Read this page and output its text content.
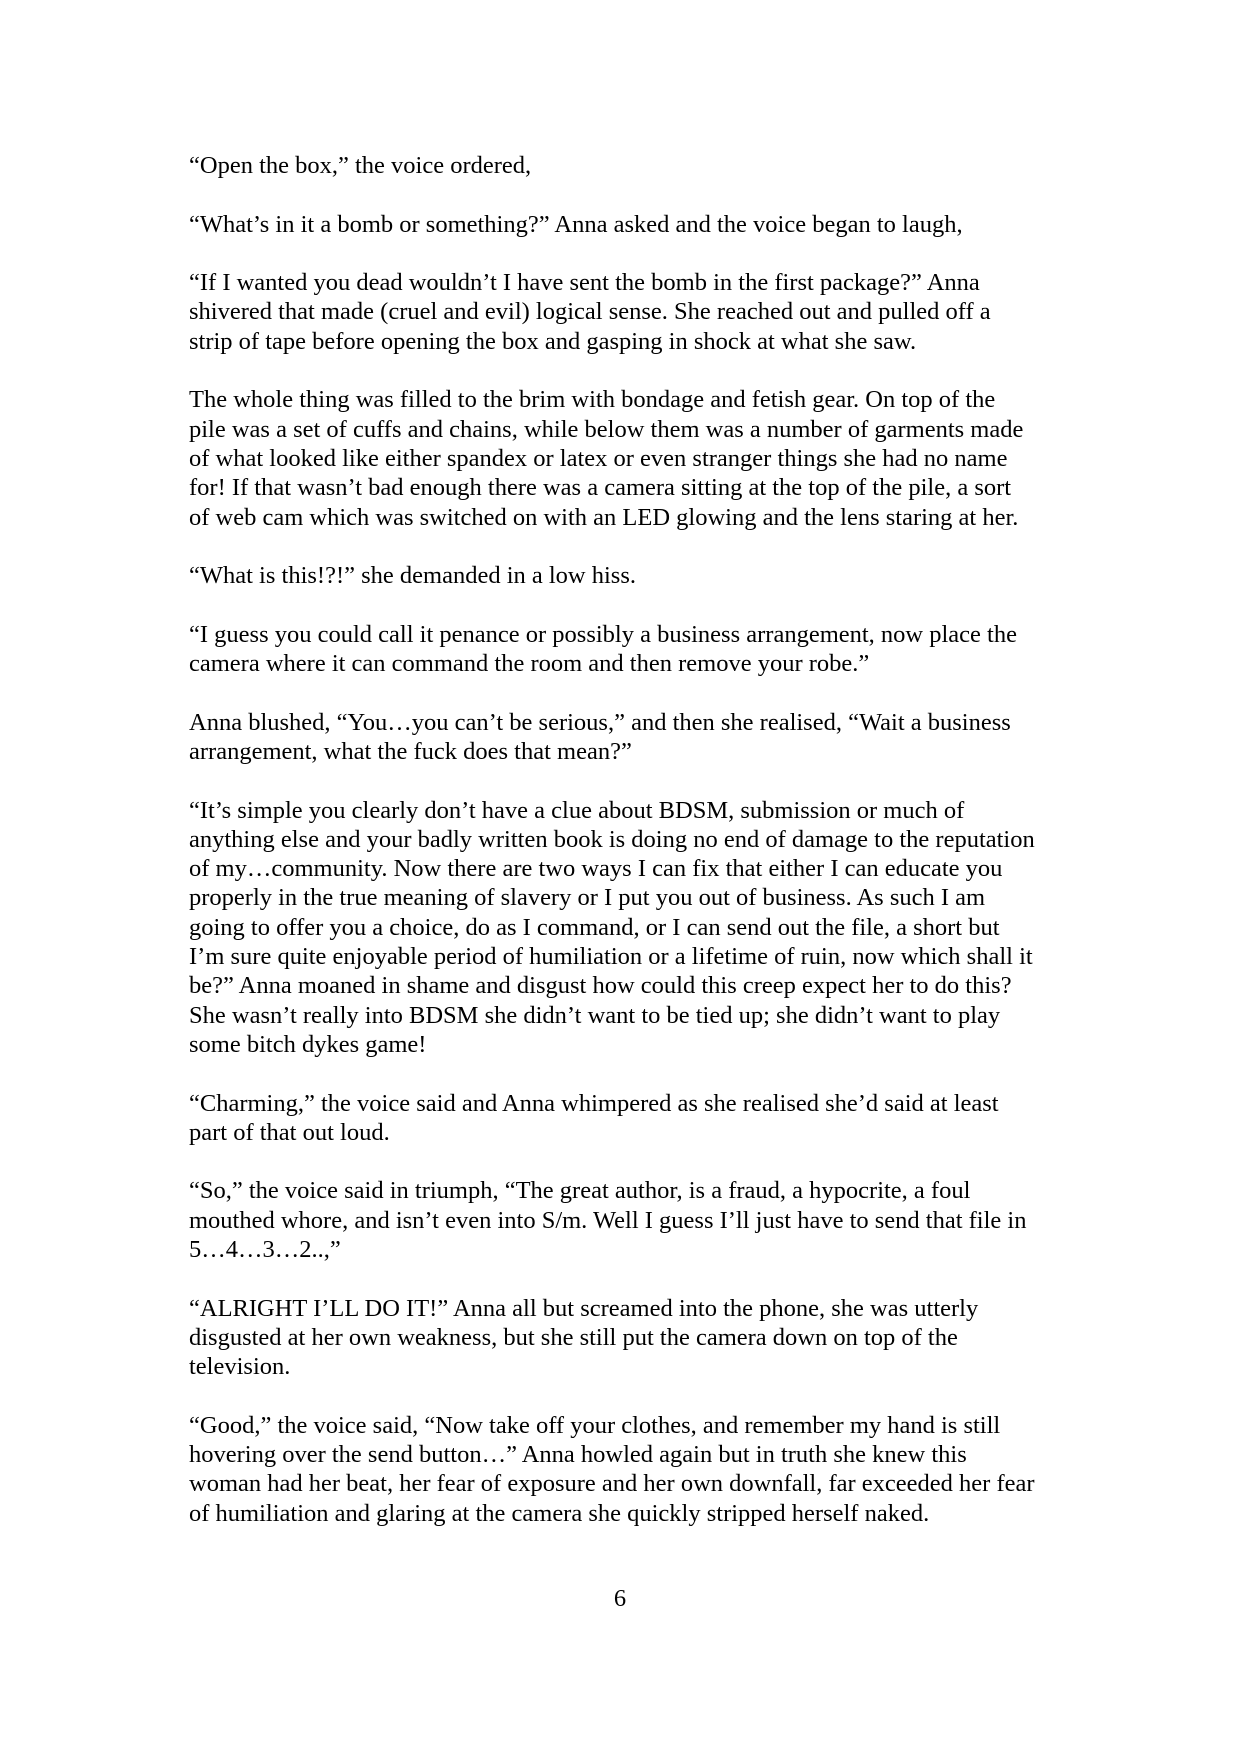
“Open the box,” the voice ordered,

“What’s in it a bomb or something?” Anna asked and the voice began to laugh,

“If I wanted you dead wouldn’t I have sent the bomb in the first package?” Anna
shivered that made (cruel and evil) logical sense. She reached out and pulled off a
strip of tape before opening the box and gasping in shock at what she saw.

The whole thing was filled to the brim with bondage and fetish gear. On top of the
pile was a set of cuffs and chains, while below them was a number of garments made
of what looked like either spandex or latex or even stranger things she had no name
for! If that wasn’t bad enough there was a camera sitting at the top of the pile, a sort
of web cam which was switched on with an LED glowing and the lens staring at her.

“What is this!?!” she demanded in a low hiss.

“I guess you could call it penance or possibly a business arrangement, now place the
camera where it can command the room and then remove your robe.”

Anna blushed, “You…you can’t be serious,” and then she realised, “Wait a business
arrangement, what the fuck does that mean?”

“It’s simple you clearly don’t have a clue about BDSM, submission or much of
anything else and your badly written book is doing no end of damage to the reputation
of my…community. Now there are two ways I can fix that either I can educate you
properly in the true meaning of slavery or I put you out of business. As such I am
going to offer you a choice, do as I command, or I can send out the file, a short but
I’m sure quite enjoyable period of humiliation or a lifetime of ruin, now which shall it
be?” Anna moaned in shame and disgust how could this creep expect her to do this?
She wasn’t really into BDSM she didn’t want to be tied up; she didn’t want to play
some bitch dykes game!

“Charming,” the voice said and Anna whimpered as she realised she’d said at least
part of that out loud.

“So,” the voice said in triumph, “The great author, is a fraud, a hypocrite, a foul
mouthed whore, and isn’t even into S/m. Well I guess I’ll just have to send that file in
5…4…3…2..,”

“ALRIGHT I’LL DO IT!” Anna all but screamed into the phone, she was utterly
disgusted at her own weakness, but she still put the camera down on top of the
television.

“Good,” the voice said, “Now take off your clothes, and remember my hand is still
hovering over the send button…” Anna howled again but in truth she knew this
woman had her beat, her fear of exposure and her own downfall, far exceeded her fear
of humiliation and glaring at the camera she quickly stripped herself naked.

6
